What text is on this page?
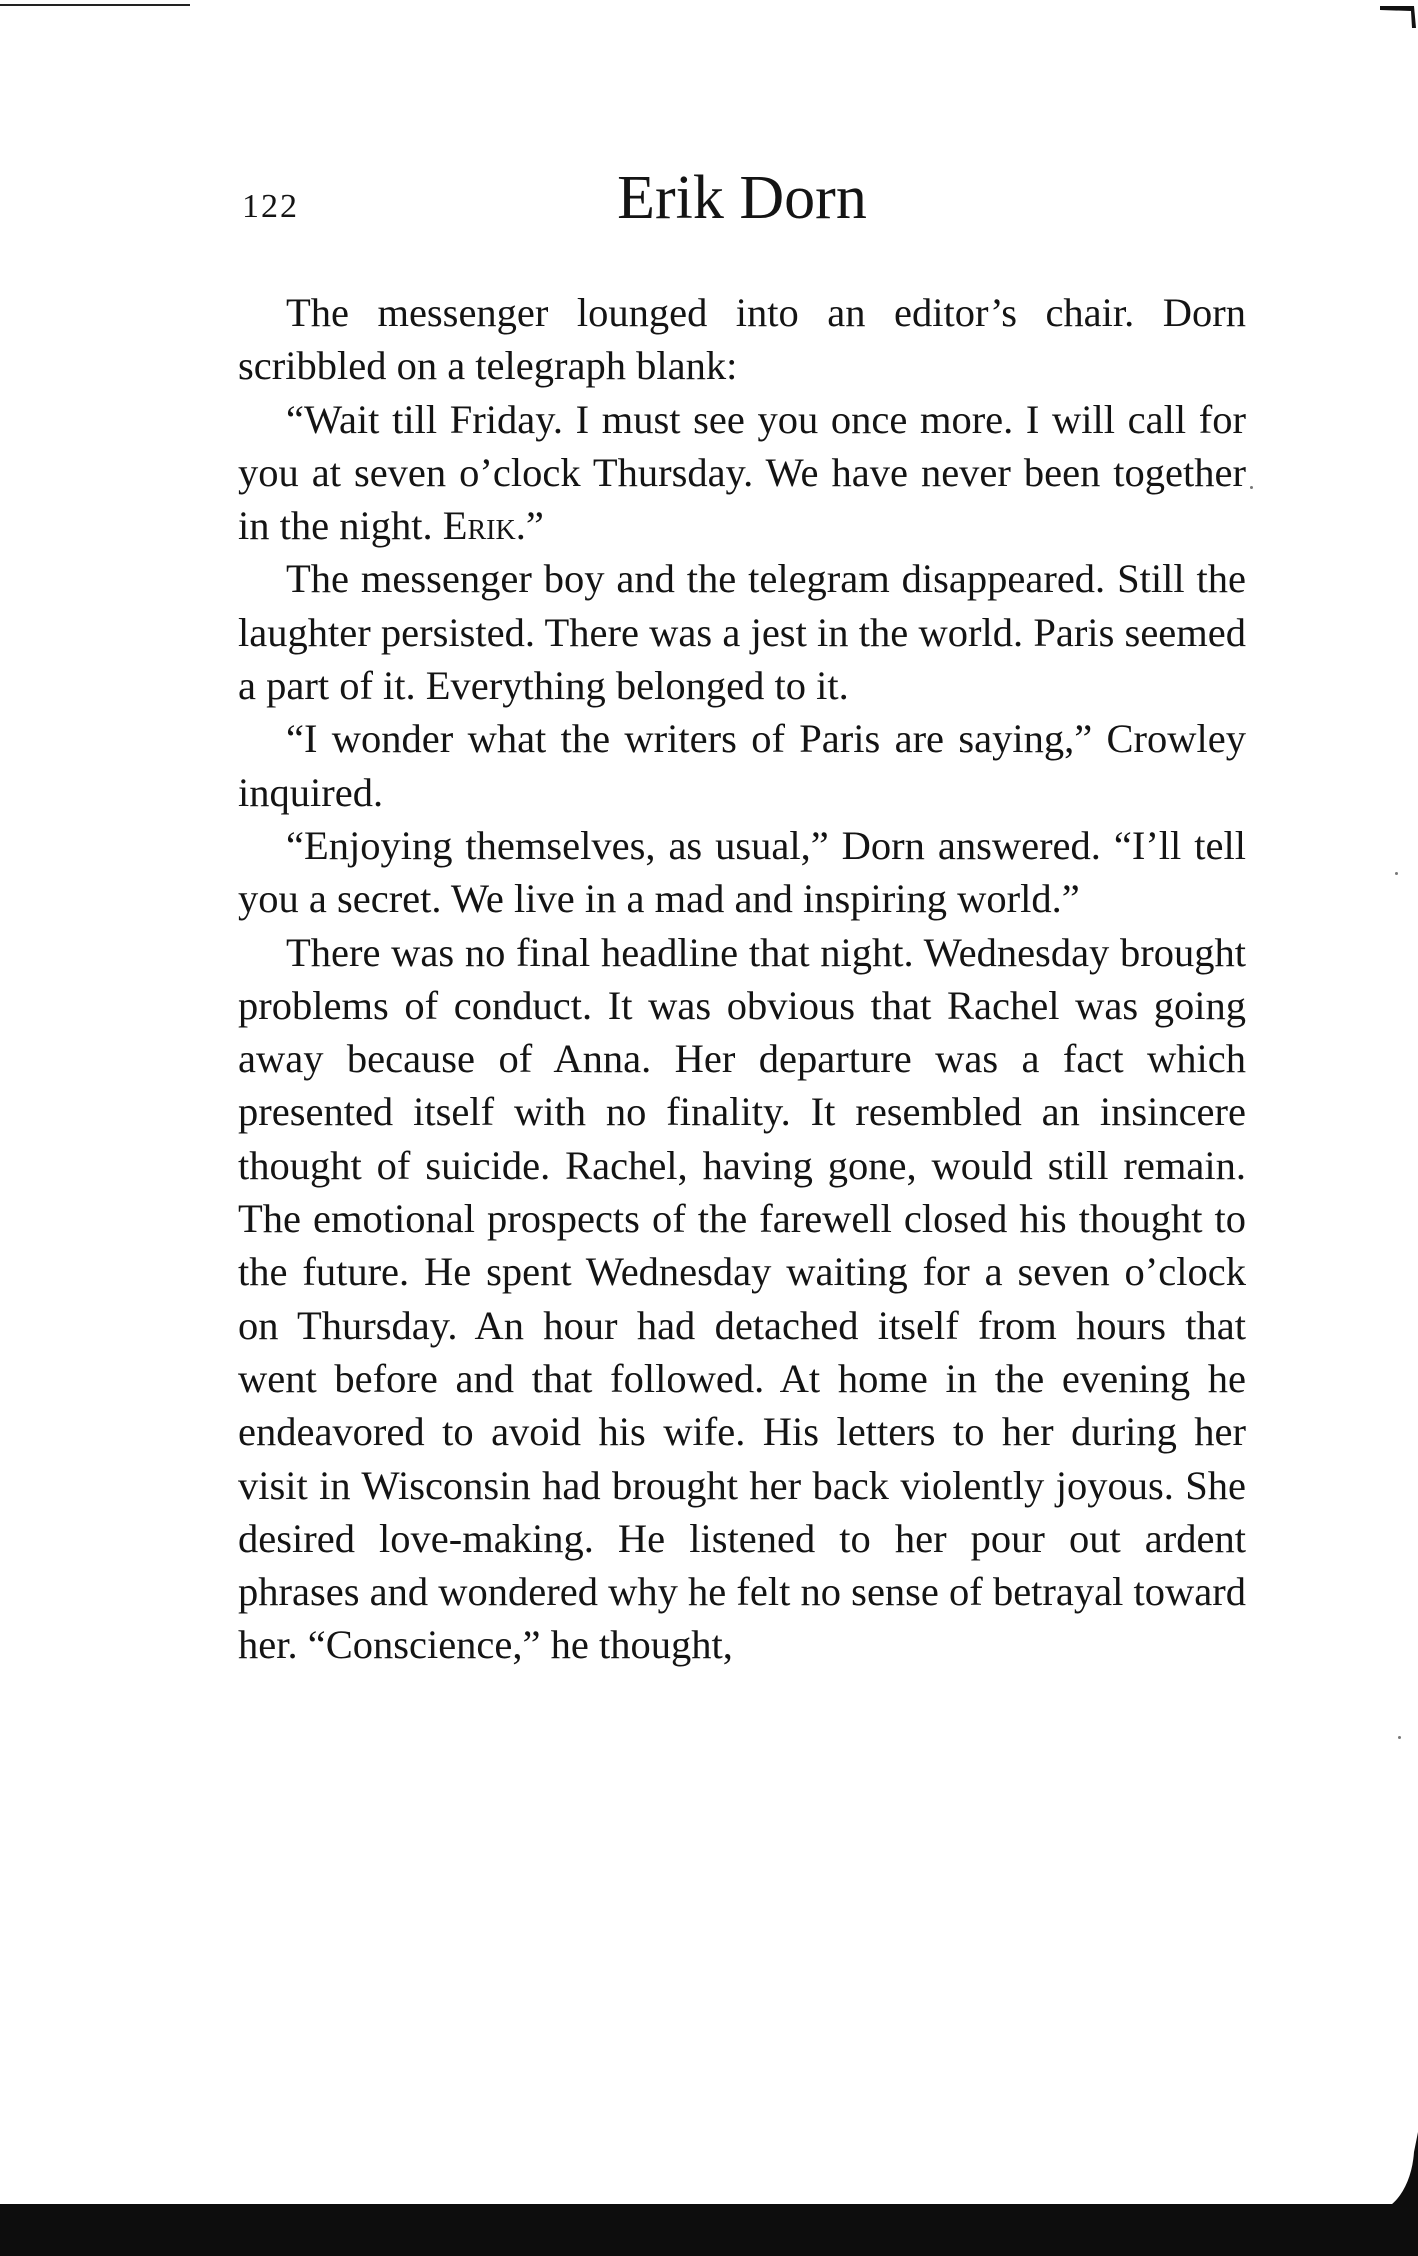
122	Erik Dorn

The messenger lounged into an editor’s chair. Dorn scribbled on a telegraph blank:

“Wait till Friday. I must see you once more. I will call for you at seven o’clock Thursday. We have never been together in the night. Erik.”

The messenger boy and the telegram disappeared. Still the laughter persisted. There was a jest in the world. Paris seemed a part of it. Everything belonged to it.

“I wonder what the writers of Paris are saying,” Crowley inquired.

“Enjoying themselves, as usual,” Dorn answered. “I’ll tell you a secret. We live in a mad and inspiring world.”

There was no final headline that night. Wednesday brought problems of conduct. It was obvious that Rachel was going away because of Anna. Her departure was a fact which presented itself with no finality. It resembled an insincere thought of suicide. Rachel, having gone, would still remain. The emotional prospects of the farewell closed his thought to the future. He spent Wednesday waiting for a seven o’clock on Thursday. An hour had detached itself from hours that went before and that followed. At home in the evening he endeavored to avoid his wife. His letters to her during her visit in Wisconsin had brought her back violently joyous. She desired love-making. He listened to her pour out ardent phrases and wondered why he felt no sense of betrayal toward her. “Conscience,” he thought,
